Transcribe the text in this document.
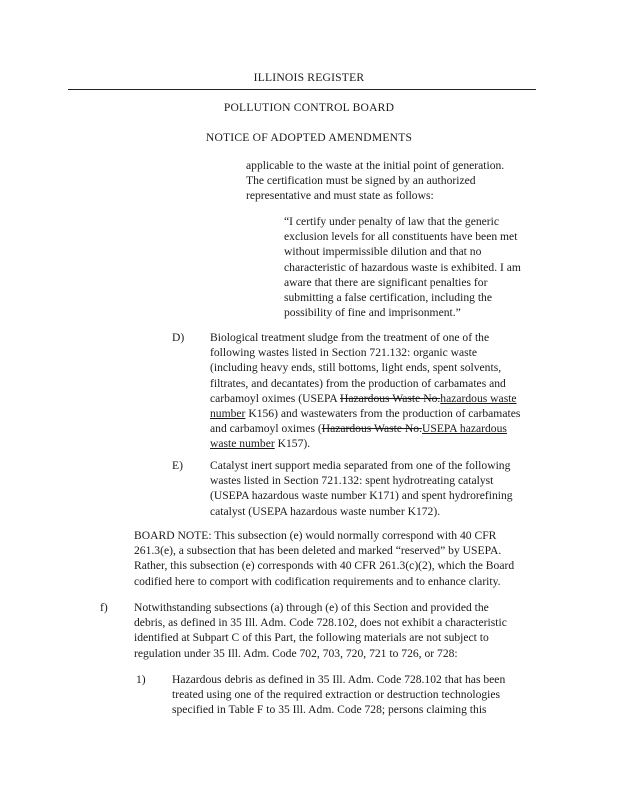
ILLINOIS REGISTER
POLLUTION CONTROL BOARD
NOTICE OF ADOPTED AMENDMENTS
applicable to the waste at the initial point of generation.
The certification must be signed by an authorized
representative and must state as follows:
“I certify under penalty of law that the generic
exclusion levels for all constituents have been met
without impermissible dilution and that no
characteristic of hazardous waste is exhibited. I am
aware that there are significant penalties for
submitting a false certification, including the
possibility of fine and imprisonment.”
D) Biological treatment sludge from the treatment of one of the
following wastes listed in Section 721.132: organic waste
(including heavy ends, still bottoms, light ends, spent solvents,
filtrates, and decantates) from the production of carbamates and
carbamoyl oximes (USEPA Hazardous Waste No.hazardous waste
number K156) and wastewaters from the production of carbamates
and carbamoyl oximes (Hazardous Waste No.USEPA hazardous
waste number K157).
E) Catalyst inert support media separated from one of the following
wastes listed in Section 721.132: spent hydrotreating catalyst
(USEPA hazardous waste number K171) and spent hydrorefining
catalyst (USEPA hazardous waste number K172).
BOARD NOTE: This subsection (e) would normally correspond with 40 CFR
261.3(e), a subsection that has been deleted and marked “reserved” by USEPA.
Rather, this subsection (e) corresponds with 40 CFR 261.3(c)(2), which the Board
codified here to comport with codification requirements and to enhance clarity.
f) Notwithstanding subsections (a) through (e) of this Section and provided the
debris, as defined in 35 Ill. Adm. Code 728.102, does not exhibit a characteristic
identified at Subpart C of this Part, the following materials are not subject to
regulation under 35 Ill. Adm. Code 702, 703, 720, 721 to 726, or 728:
1) Hazardous debris as defined in 35 Ill. Adm. Code 728.102 that has been
treated using one of the required extraction or destruction technologies
specified in Table F to 35 Ill. Adm. Code 728; persons claiming this
